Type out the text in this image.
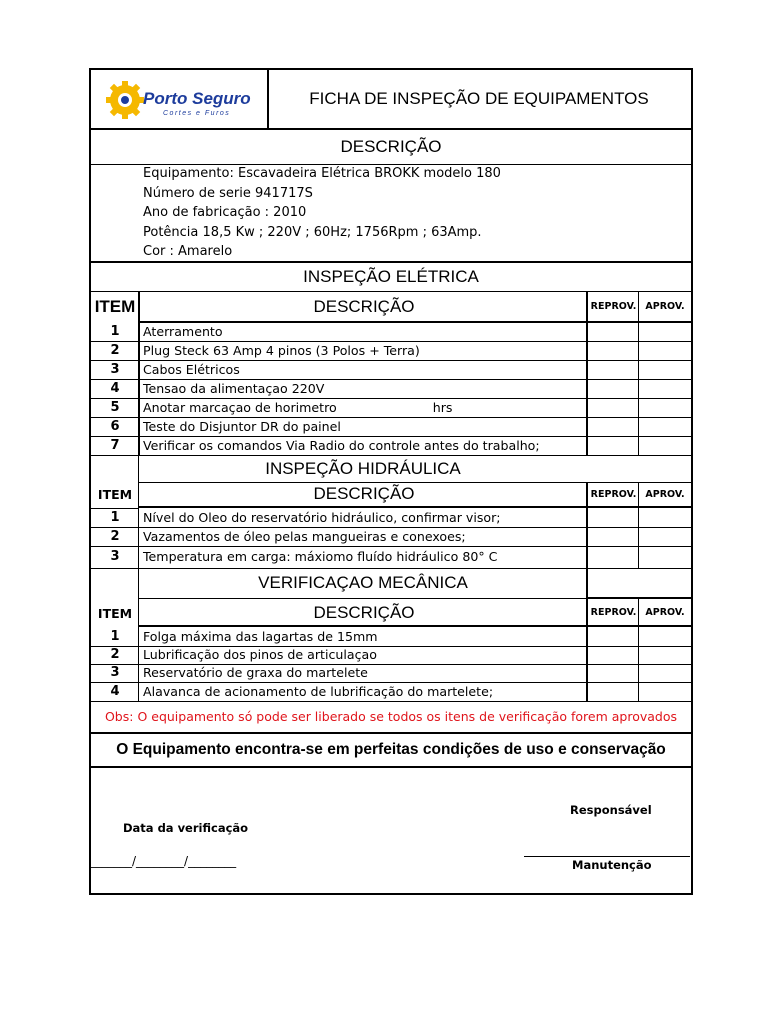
Porto Seguro
Cortes e Furos
FICHA DE INSPEÇÃO DE EQUIPAMENTOS
DESCRIÇÃO
Equipamento: Escavadeira Elétrica BROKK modelo 180
Número de serie 941717S
Ano de fabricação : 2010
Potência 18,5 Kw ; 220V ; 60Hz; 1756Rpm ; 63Amp.
Cor : Amarelo
INSPEÇÃO ELÉTRICA
ITEM	DESCRIÇÃO	REPROV. APROV.
1	Aterramento
2	Plug Steck 63 Amp 4 pinos (3 Polos + Terra)
3	Cabos Elétricos
4	Tensao da alimentaçao 220V
5	Anotar marcaçao de horimetro                        hrs
6	Teste do Disjuntor DR do painel
7	Verificar os comandos Via Radio do controle antes do trabalho;
INSPEÇÃO HIDRÁULICA
ITEM	DESCRIÇÃO	REPROV. APROV.
1	Nível do Oleo do reservatório hidráulico, confirmar visor;
2	Vazamentos de óleo pelas mangueiras e conexoes;
3	Temperatura em carga: máxiomo fluído hidráulico 80° C
VERIFICAÇAO MECÂNICA
ITEM	DESCRIÇÃO	REPROV. APROV.
1	Folga máxima das lagartas de 15mm
2	Lubrificação dos pinos de articulaçao
3	Reservatório de graxa do martelete
4	Alavanca de acionamento de lubrificação do martelete;
Obs: O equipamento só pode ser liberado se todos os itens de verificação forem aprovados
O Equipamento encontra-se em perfeitas condições de uso e conservação
Responsável
Data da verificação
_______/________/________	Manutenção
